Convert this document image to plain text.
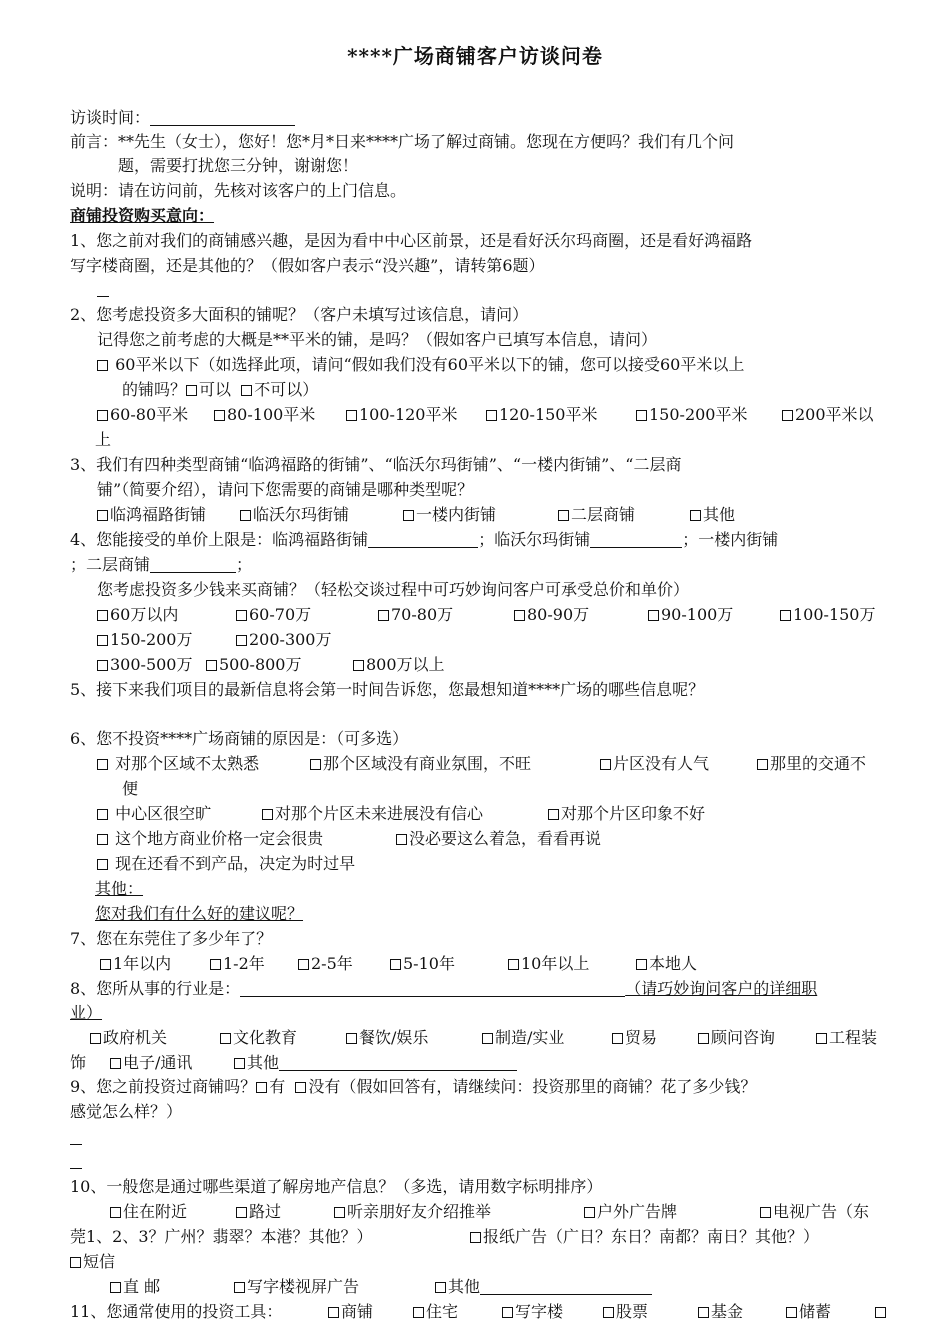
****广场商铺客户访谈问卷
访谈时间：
前言：**先生（女士），您好！您*月*日来****广场了解过商铺。您现在方便吗？我们有几个问
题，需要打扰您三分钟，谢谢您！
说明：请在访问前，先核对该客户的上门信息。
商铺投资购买意向：
1、您之前对我们的商铺感兴趣，是因为看中中心区前景，还是看好沃尔玛商圈，还是看好鸿福路
写字楼商圈，还是其他的？（假如客户表示“没兴趣”，请转第6题）
2、您考虑投资多大面积的铺呢？（客户未填写过该信息，请问）
记得您之前考虑的大概是**平米的铺，是吗？（假如客户已填写本信息，请问）
60平米以下（如选择此项，请问“假如我们没有60平米以下的铺，您可以接受60平米以上
的铺吗？ 可以 不可以）
60-80平米	80-100平米	100-120平米	120-150平米	150-200平米	200平米以
上
3、我们有四种类型商铺“临鸿福路的街铺”、“临沃尔玛街铺”、“一楼内街铺”、“二层商
铺”（简要介绍），请问下您需要的商铺是哪种类型呢？
临鸿福路街铺	临沃尔玛街铺	一楼内街铺	二层商铺	其他
4、您能接受的单价上限是：临鸿福路街铺	；临沃尔玛街铺	；一楼内街铺
；二层商铺	；
您考虑投资多少钱来买商铺？（轻松交谈过程中可巧妙询问客户可承受总价和单价）
60万以内	60-70万	70-80万	80-90万	90-100万	100-150万
150-200万	200-300万
300-500万	500-800万	800万以上
5、接下来我们项目的最新信息将会第一时间告诉您，您最想知道****广场的哪些信息呢？
6、您不投资****广场商铺的原因是：（可多选）
对那个区域不太熟悉	那个区域没有商业氛围，不旺	片区没有人气	那里的交通不
便
中心区很空旷	对那个片区未来进展没有信心	对那个片区印象不好
这个地方商业价格一定会很贵	没必要这么着急，看看再说
现在还看不到产品，决定为时过早
其他：
您对我们有什么好的建议呢？
7、您在东莞住了多少年了？
1年以内	1-2年	2-5年	5-10年	10年以上	本地人
8、您所从事的行业是：	（请巧妙询问客户的详细职
业）
政府机关	文化教育	餐饮/娱乐	制造/实业	贸易	顾问咨询	工程装
饰	电子/通讯	其他
9、您之前投资过商铺吗？ 有 没有（假如回答有，请继续问：投资那里的商铺？花了多少钱？
感觉怎么样？）
10、一般您是通过哪些渠道了解房地产信息？（多选，请用数字标明排序）
住在附近	路过	听亲朋好友介绍推举	户外广告牌	电视广告（东
莞1、2、3？广州？翡翠？本港？其他？）	报纸广告（广日？东日？南都？南日？其他？）
短信
直 邮	写字楼视屏广告	其他
11、您通常使用的投资工具：	商铺	住宅	写字楼	股票	基金	储蓄
